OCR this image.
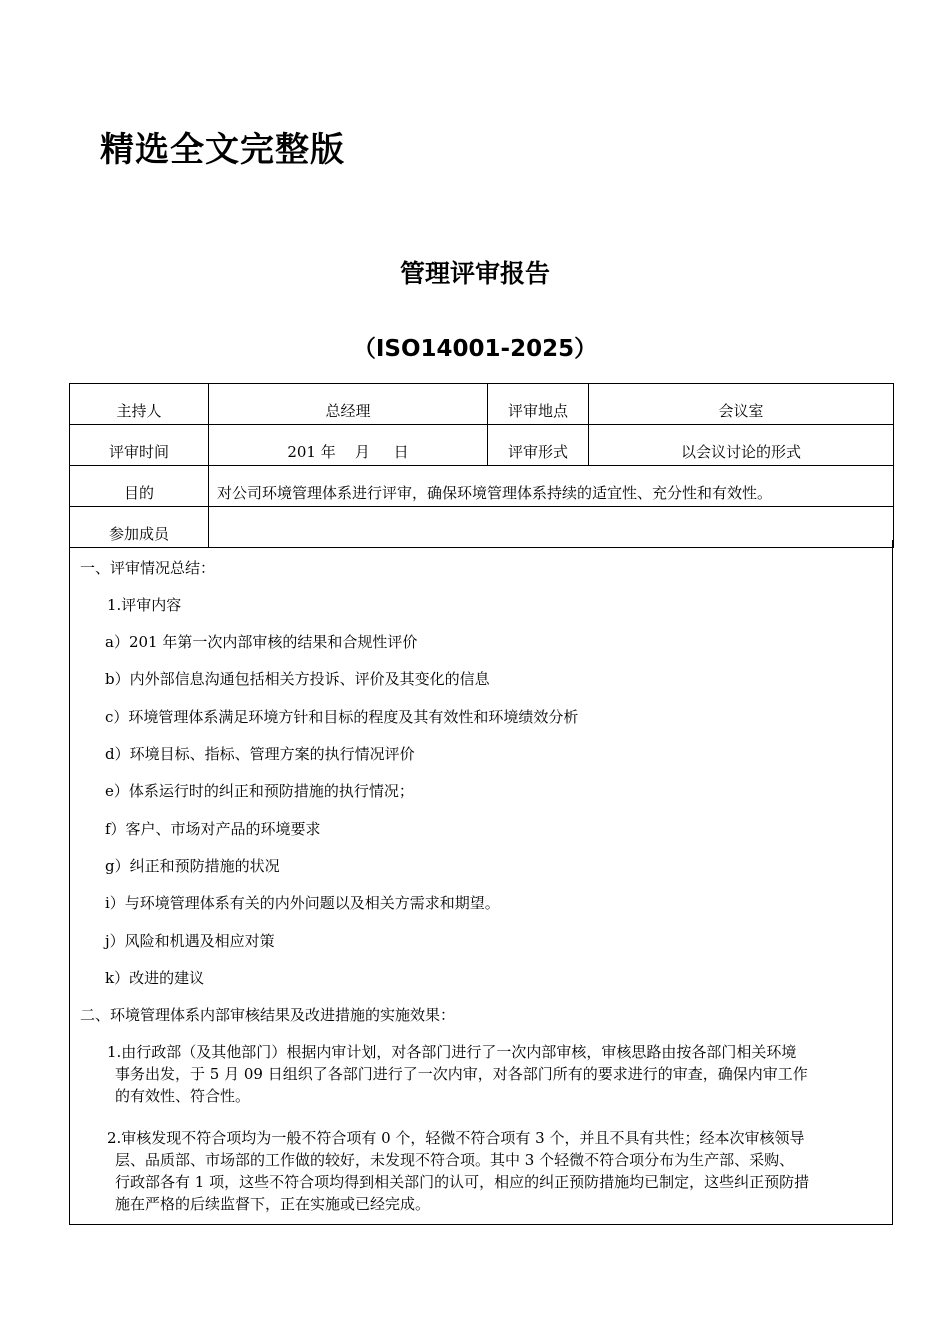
精选全文完整版
管理评审报告
（ISO14001-2025）
主持人	总经理	评审地点	会议室
评审时间	201 年    月     日	评审形式	以会议讨论的形式
目的	对公司环境管理体系进行评审，确保环境管理体系持续的适宜性、充分性和有效性。		
参加成员			

一、评审情况总结：

1.评审内容

a）201 年第一次内部审核的结果和合规性评价

b）内外部信息沟通包括相关方投诉、评价及其变化的信息

c）环境管理体系满足环境方针和目标的程度及其有效性和环境绩效分析

d）环境目标、指标、管理方案的执行情况评价

e）体系运行时的纠正和预防措施的执行情况；

f）客户、市场对产品的环境要求

g）纠正和预防措施的状况

i）与环境管理体系有关的内外问题以及相关方需求和期望。

j）风险和机遇及相应对策

k）改进的建议

二、环境管理体系内部审核结果及改进措施的实施效果：

1.由行政部（及其他部门）根据内审计划，对各部门进行了一次内部审核，审核思路由按各部门相关环境
事务出发，于 5 月 09 日组织了各部门进行了一次内审，对各部门所有的要求进行的审查，确保内审工作
的有效性、符合性。
2.审核发现不符合项均为一般不符合项有 0 个，轻微不符合项有 3 个，并且不具有共性；经本次审核领导
层、品质部、市场部的工作做的较好，未发现不符合项。其中 3 个轻微不符合项分布为生产部、采购、
行政部各有 1 项，这些不符合项均得到相关部门的认可，相应的纠正预防措施均已制定，这些纠正预防措
施在严格的后续监督下，正在实施或已经完成。
